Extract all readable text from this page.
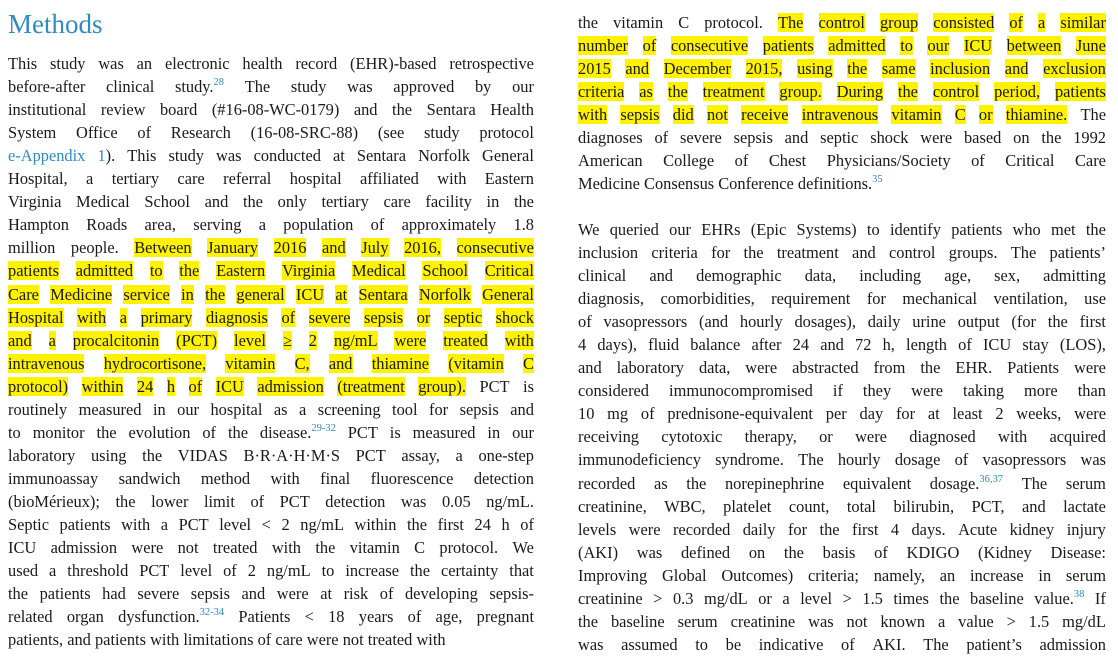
Methods
This study was an electronic health record (EHR)-based retrospective
before-after clinical study.$^{28}$ The study was approved by our
institutional review board (#16-08-WC-0179) and the Sentara Health
System Office of Research (16-08-SRC-88) (see study protocol
e-Appendix 1). This study was conducted at Sentara Norfolk General
Hospital, a tertiary care referral hospital affiliated with Eastern
Virginia Medical School and the only tertiary care facility in the
Hampton Roads area, serving a population of approximately 1.8
million people. Between January 2016 and July 2016, consecutive
patients admitted to the Eastern Virginia Medical School Critical
Care Medicine service in the general ICU at Sentara Norfolk General
Hospital with a primary diagnosis of severe sepsis or septic shock
and a procalcitonin (PCT) level ≥ 2 ng/mL were treated with
intravenous hydrocortisone, vitamin C, and thiamine (vitamin C
protocol) within 24 h of ICU admission (treatment group). PCT is
routinely measured in our hospital as a screening tool for sepsis and
to monitor the evolution of the disease.$^{29-32}$ PCT is measured in our
laboratory using the VIDAS B·R·A·H·M·S PCT assay, a one-step
immunoassay sandwich method with final fluorescence detection
(bioMérieux); the lower limit of PCT detection was 0.05 ng/mL.
Septic patients with a PCT level < 2 ng/mL within the first 24 h of
ICU admission were not treated with the vitamin C protocol. We
used a threshold PCT level of 2 ng/mL to increase the certainty that
the patients had severe sepsis and were at risk of developing sepsis-
related organ dysfunction.$^{32-34}$ Patients < 18 years of age, pregnant
patients, and patients with limitations of care were not treated with
the vitamin C protocol. The control group consisted of a similar
number of consecutive patients admitted to our ICU between June
2015 and December 2015, using the same inclusion and exclusion
criteria as the treatment group. During the control period, patients
with sepsis did not receive intravenous vitamin C or thiamine. The
diagnoses of severe sepsis and septic shock were based on the 1992
American College of Chest Physicians/Society of Critical Care
Medicine Consensus Conference definitions.$^{35}$
We queried our EHRs (Epic Systems) to identify patients who met the
inclusion criteria for the treatment and control groups. The patients’
clinical and demographic data, including age, sex, admitting
diagnosis, comorbidities, requirement for mechanical ventilation, use
of vasopressors (and hourly dosages), daily urine output (for the first
4 days), fluid balance after 24 and 72 h, length of ICU stay (LOS),
and laboratory data, were abstracted from the EHR. Patients were
considered immunocompromised if they were taking more than
10 mg of prednisone-equivalent per day for at least 2 weeks, were
receiving cytotoxic therapy, or were diagnosed with acquired
immunodeficiency syndrome. The hourly dosage of vasopressors was
recorded as the norepinephrine equivalent dosage.$^{36,37}$ The serum
creatinine, WBC, platelet count, total bilirubin, PCT, and lactate
levels were recorded daily for the first 4 days. Acute kidney injury
(AKI) was defined on the basis of KDIGO (Kidney Disease:
Improving Global Outcomes) criteria; namely, an increase in serum
creatinine > 0.3 mg/dL or a level > 1.5 times the baseline value.$^{38}$ If
the baseline serum creatinine was not known a value > 1.5 mg/dL
was assumed to be indicative of AKI. The patient’s admission
